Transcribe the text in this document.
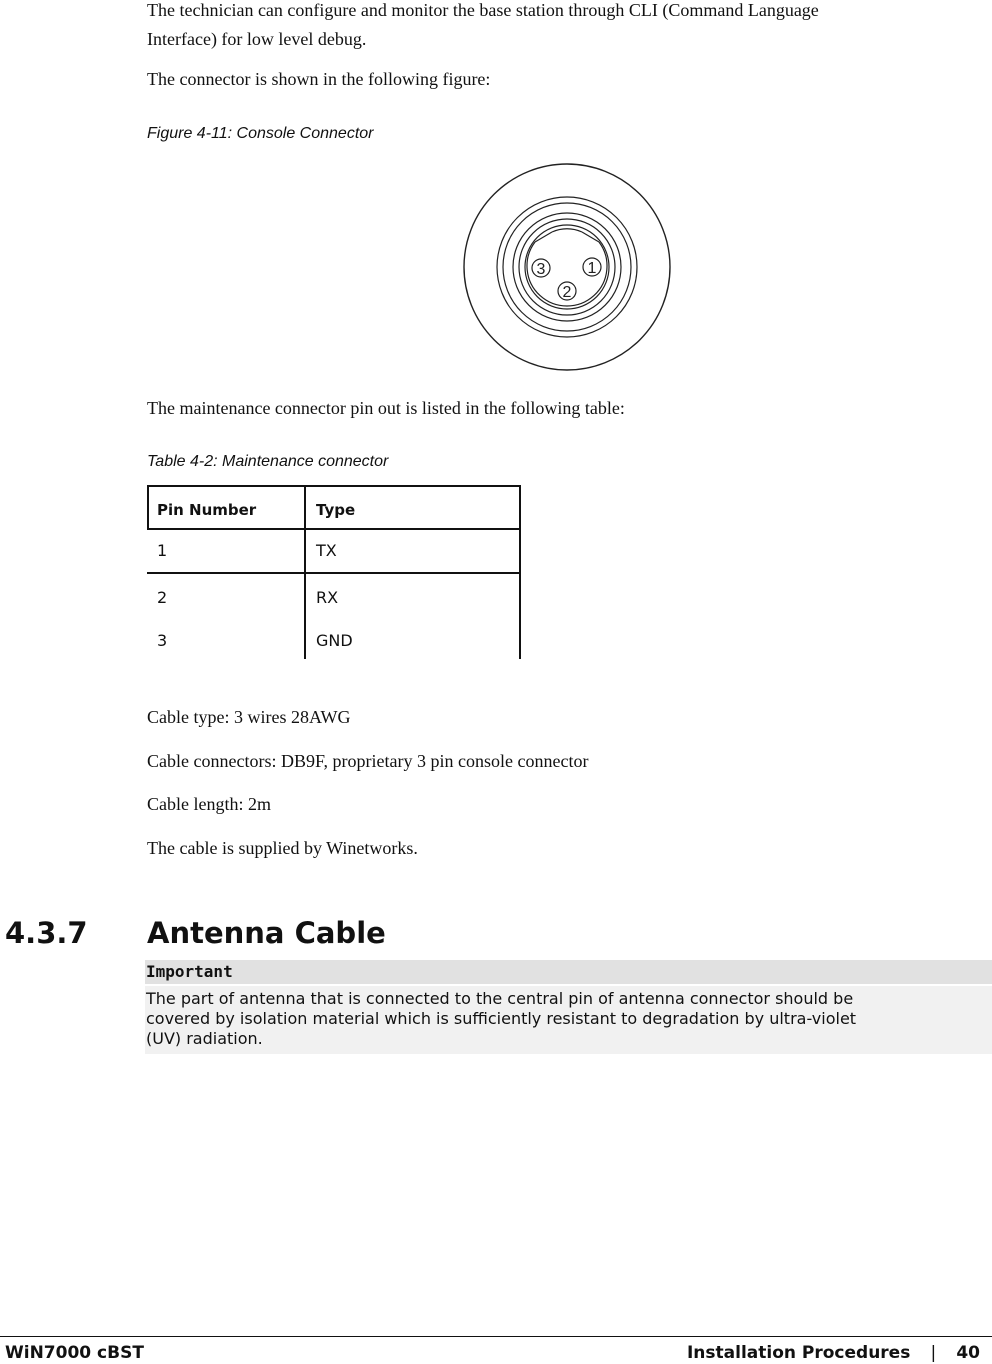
The technician can configure and monitor the base station through CLI (Command Language
Interface) for low level debug.
The connector is shown in the following figure:
Figure 4-11: Console Connector
3	1
2
The maintenance connector pin out is listed in the following table:
Table 4-2: Maintenance connector
Pin Number	Type
1	TX
2	RX
3	GND
Cable type: 3 wires 28AWG
Cable connectors: DB9F, proprietary 3 pin console connector
Cable length: 2m
The cable is supplied by Winetworks.
4.3.7 Antenna Cable
Important
The part of antenna that is connected to the central pin of antenna connector should be
covered by isolation material which is sufficiently resistant to degradation by ultra-violet
(UV) radiation.
WiN7000 cBST	Installation Procedures	|	40
